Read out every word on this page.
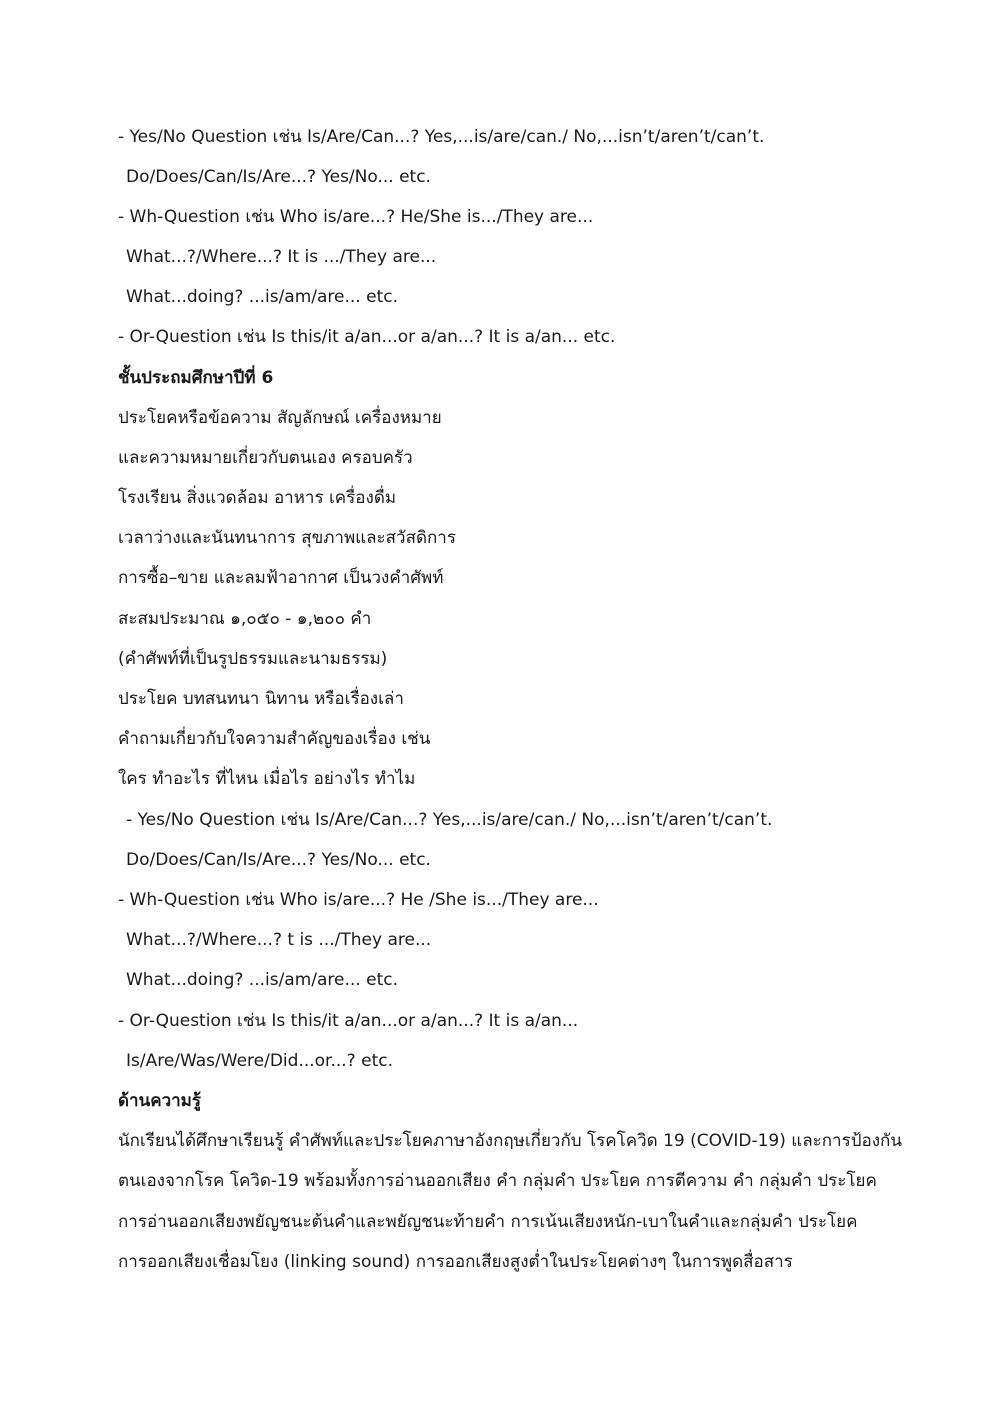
- Yes/No Question เช่น Is/Are/Can...? Yes,...is/are/can./ No,...isn’t/aren’t/can’t.
Do/Does/Can/Is/Are...? Yes/No... etc.
- Wh-Question เช่น Who is/are...? He/She is.../They are...
What...?/Where...? It is .../They are...
What...doing? ...is/am/are... etc.
- Or-Question เช่น Is this/it a/an...or a/an...? It is a/an... etc.
ชั้นประถมศึกษาปีที่ 6
ประโยคหรือข้อความ สัญลักษณ์ เครื่องหมาย
และความหมายเกี่ยวกับตนเอง ครอบครัว
โรงเรียน สิ่งแวดล้อม อาหาร เครื่องดื่ม
เวลาว่างและนันทนาการ สุขภาพและสวัสดิการ
การซื้อ–ขาย และลมฟ้าอากาศ เป็นวงคำศัพท์
สะสมประมาณ ๑,๐๕๐ - ๑,๒๐๐ คำ
(คำศัพท์ที่เป็นรูปธรรมและนามธรรม)
ประโยค บทสนทนา นิทาน หรือเรื่องเล่า
คำถามเกี่ยวกับใจความสำคัญของเรื่อง เช่น
ใคร ทำอะไร ที่ไหน เมื่อไร อย่างไร ทำไม
- Yes/No Question เช่น Is/Are/Can...? Yes,...is/are/can./ No,...isn’t/aren’t/can’t.
Do/Does/Can/Is/Are...? Yes/No... etc.
- Wh-Question เช่น Who is/are...? He /She is.../They are...
What...?/Where...? t is .../They are...
What...doing? ...is/am/are... etc.
- Or-Question เช่น Is this/it a/an...or a/an...? It is a/an...
Is/Are/Was/Were/Did...or...? etc.
ด้านความรู้
นักเรียนได้ศึกษาเรียนรู้ คำศัพท์และประโยคภาษาอังกฤษเกี่ยวกับ โรคโควิด 19 (COVID-19) และการป้องกัน
ตนเองจากโรค โควิด-19 พร้อมทั้งการอ่านออกเสียง คำ กลุ่มคำ ประโยค การตีความ คำ กลุ่มคำ ประโยค
การอ่านออกเสียงพยัญชนะต้นคำและพยัญชนะท้ายคำ การเน้นเสียงหนัก-เบาในคำและกลุ่มคำ ประโยค
การออกเสียงเชื่อมโยง (linking sound) การออกเสียงสูงต่ำในประโยคต่างๆ ในการพูดสื่อสาร
